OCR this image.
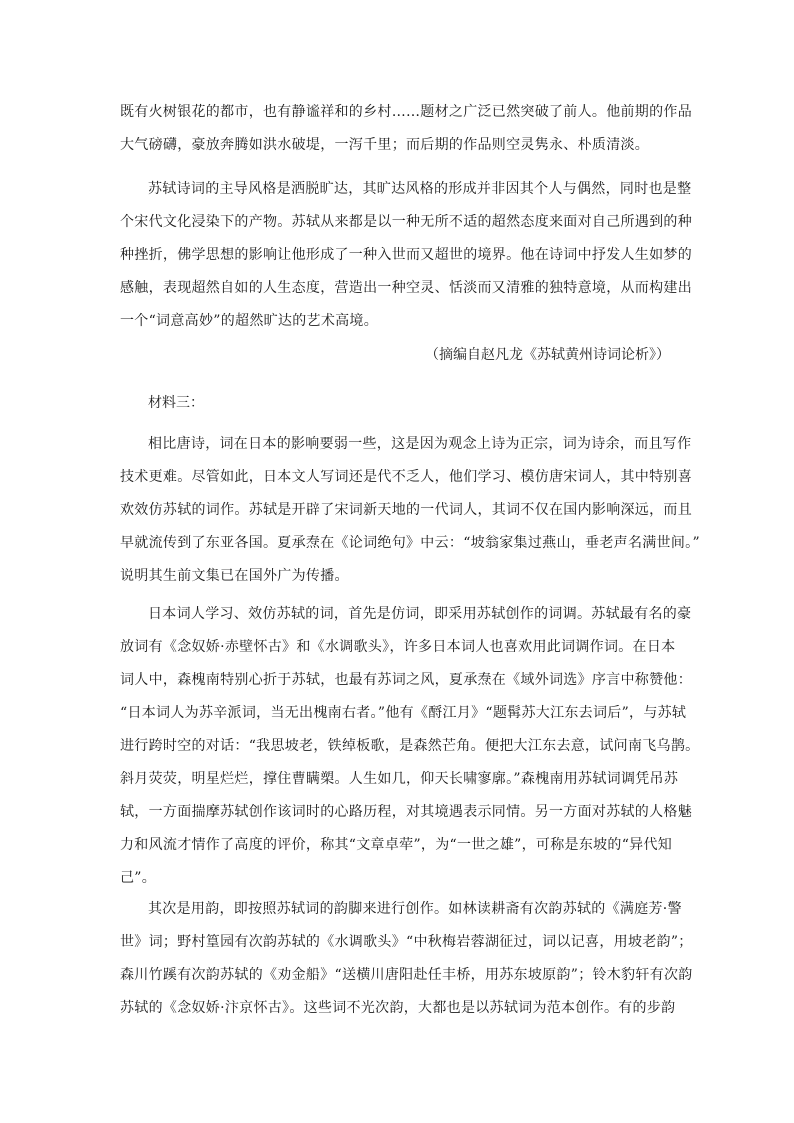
既有火树银花的都市，也有静谧祥和的乡村……题材之广泛已然突破了前人。他前期的作品
大气磅礴，豪放奔腾如洪水破堤，一泻千里；而后期的作品则空灵隽永、朴质清淡。
苏轼诗词的主导风格是洒脱旷达，其旷达风格的形成并非因其个人与偶然，同时也是整
个宋代文化浸染下的产物。苏轼从来都是以一种无所不适的超然态度来面对自己所遇到的种
种挫折，佛学思想的影响让他形成了一种入世而又超世的境界。他在诗词中抒发人生如梦的
感触，表现超然自如的人生态度，营造出一种空灵、恬淡而又清雅的独特意境，从而构建出
一个“词意高妙”的超然旷达的艺术高境。
（摘编自赵凡龙《苏轼黄州诗词论析》）
材料三：
相比唐诗，词在日本的影响要弱一些，这是因为观念上诗为正宗，词为诗余，而且写作
技术更难。尽管如此，日本文人写词还是代不乏人，他们学习、模仿唐宋词人，其中特别喜
欢效仿苏轼的词作。苏轼是开辟了宋词新天地的一代词人，其词不仅在国内影响深远，而且
早就流传到了东亚各国。夏承焘在《论词绝句》中云：“坡翁家集过燕山，垂老声名满世间。”
说明其生前文集已在国外广为传播。
日本词人学习、效仿苏轼的词，首先是仿词，即采用苏轼创作的词调。苏轼最有名的豪
放词有《念奴娇·赤壁怀古》和《水调歌头》，许多日本词人也喜欢用此词调作词。在日本
词人中，森槐南特别心折于苏轼，也最有苏词之风，夏承焘在《域外词选》序言中称赞他：
“日本词人为苏辛派词，当无出槐南右者。”他有《酹江月》“题髯苏大江东去词后”，与苏轼
进行跨时空的对话：“我思坡老，铁绰板歌，是森然芒角。便把大江东去意，试问南飞乌鹊。
斜月荧荧，明星烂烂，撑住曹瞒槊。人生如几，仰天长啸寥廓。”森槐南用苏轼词调凭吊苏
轼，一方面揣摩苏轼创作该词时的心路历程，对其境遇表示同情。另一方面对苏轼的人格魅
力和风流才情作了高度的评价，称其“文章卓荦”，为“一世之雄”，可称是东坡的“异代知
己”。
其次是用韵，即按照苏轼词的韵脚来进行创作。如林读耕斋有次韵苏轼的《满庭芳·警
世》词；野村篁园有次韵苏轼的《水调歌头》“中秋梅岩蓉湖征过，词以记喜，用坡老韵”；
森川竹蹊有次韵苏轼的《劝金船》“送横川唐阳赴任丰桥，用苏东坡原韵”；铃木豹轩有次韵
苏轼的《念奴娇·汴京怀古》。这些词不光次韵，大都也是以苏轼词为范本创作。有的步韵
